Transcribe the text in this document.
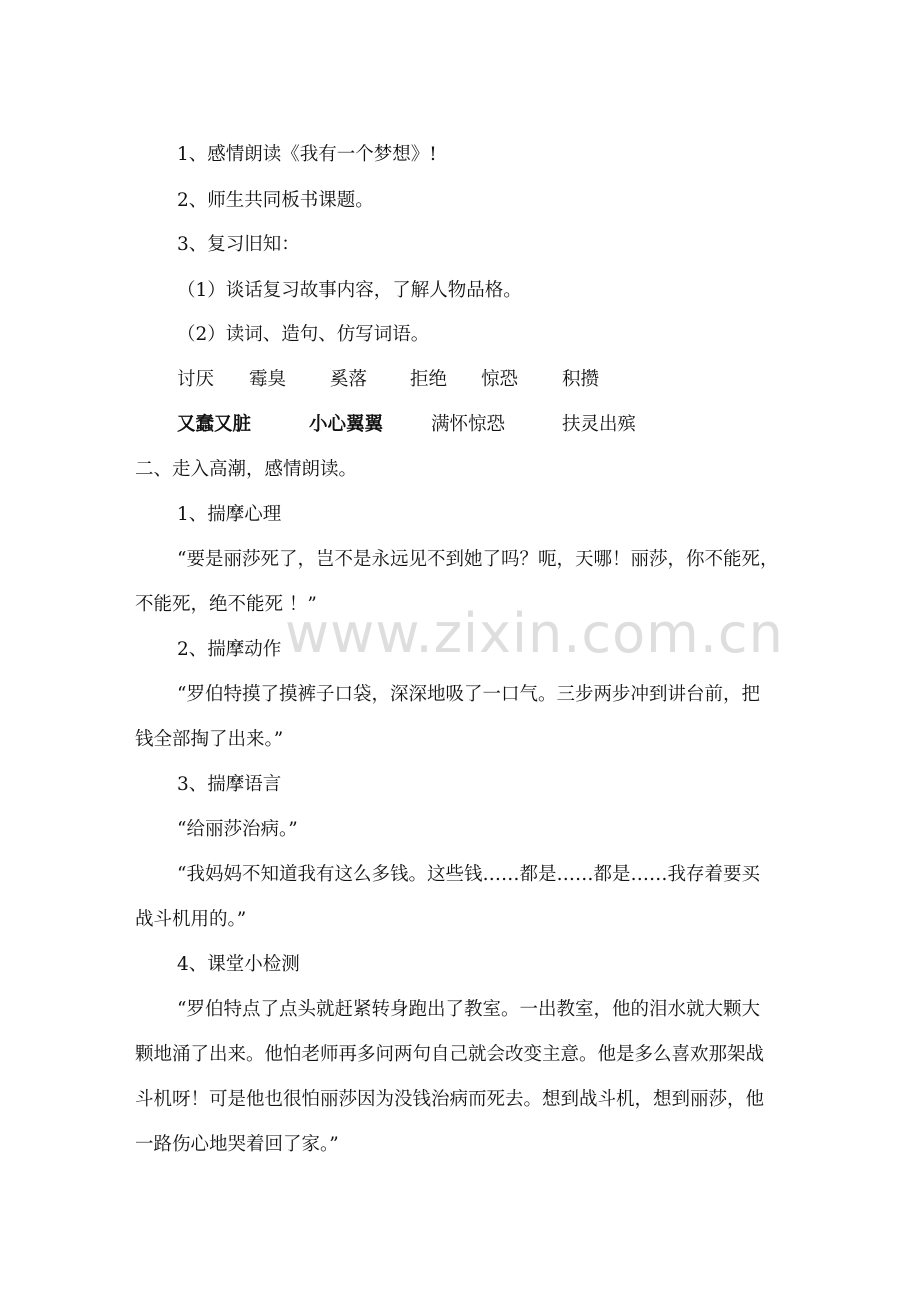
www.zixin.com.cn
1、感情朗读《我有一个梦想》!
2、师生共同板书课题。
3、复习旧知：
（1）谈话复习故事内容，了解人物品格。
（2）读词、造句、仿写词语。
讨厌 霉臭 奚落 拒绝 惊恐 积攒
又蠢又脏	小心翼翼	满怀惊恐	扶灵出殡
二、走入高潮，感情朗读。
1、揣摩心理
“要是丽莎死了，岂不是永远见不到她了吗？呃，天哪！丽莎，你不能死，
不能死，绝不能死 ！”
2、揣摩动作
“罗伯特摸了摸裤子口袋，深深地吸了一口气。三步两步冲到讲台前，把
钱全部掏了出来。”
3、揣摩语言
“给丽莎治病。”
“我妈妈不知道我有这么多钱。这些钱……都是……都是……我存着要买
战斗机用的。”
4、课堂小检测
“罗伯特点了点头就赶紧转身跑出了教室。一出教室，他的泪水就大颗大
颗地涌了出来。他怕老师再多问两句自己就会改变主意。他是多么喜欢那架战
斗机呀！可是他也很怕丽莎因为没钱治病而死去。想到战斗机，想到丽莎，他
一路伤心地哭着回了家。”
